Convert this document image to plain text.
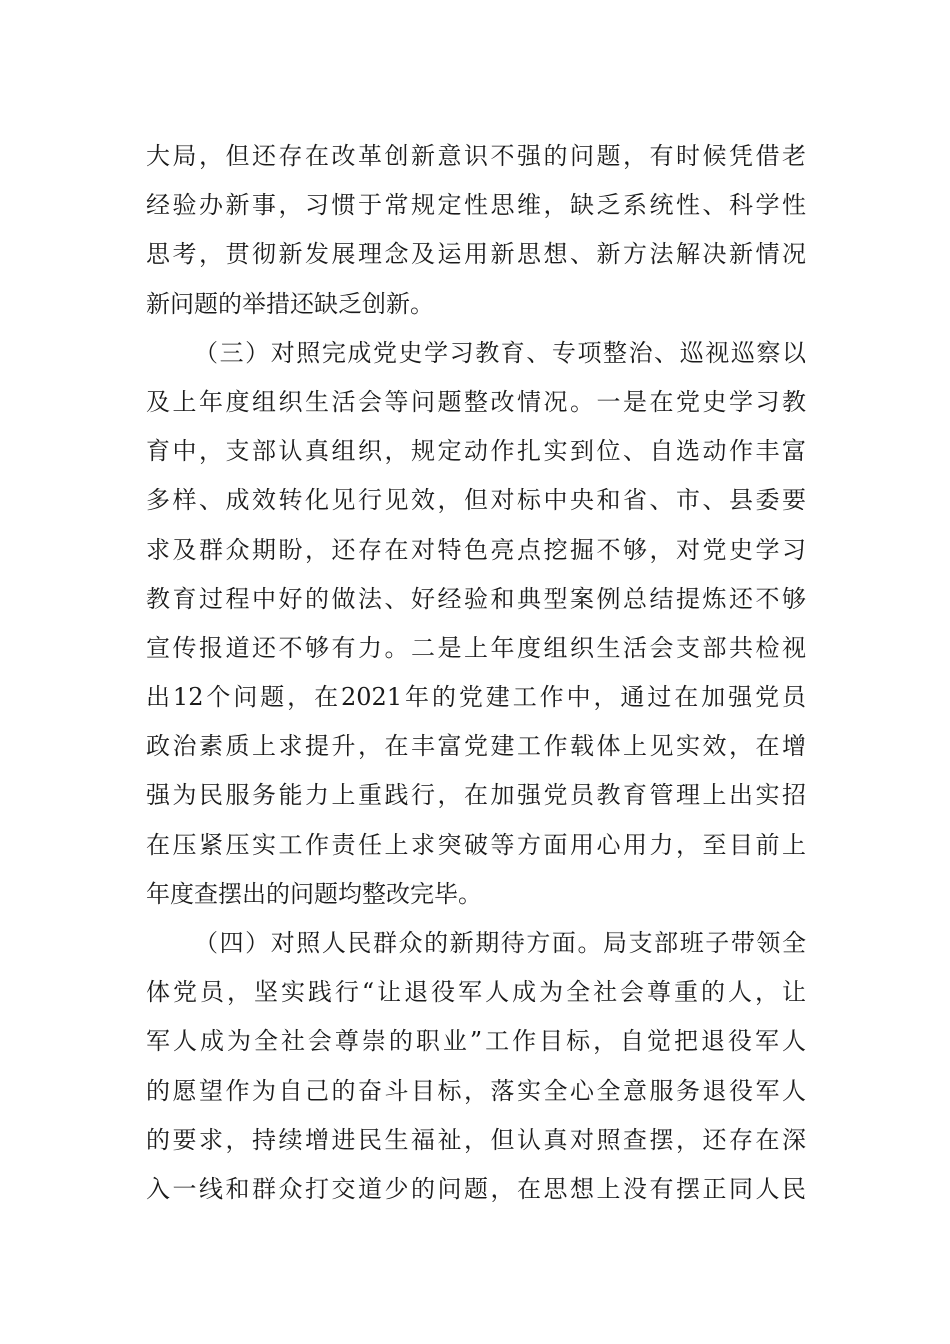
大局，但还存在改革创新意识不强的问题，有时候凭借老
经验办新事，习惯于常规定性思维，缺乏系统性、科学性
思考，贯彻新发展理念及运用新思想、新方法解决新情况
新问题的举措还缺乏创新。
（三）对照完成党史学习教育、专项整治、巡视巡察以
及上年度组织生活会等问题整改情况。一是在党史学习教
育中，支部认真组织，规定动作扎实到位、自选动作丰富
多样、成效转化见行见效，但对标中央和省、市、县委要
求及群众期盼，还存在对特色亮点挖掘不够，对党史学习
教育过程中好的做法、好经验和典型案例总结提炼还不够
宣传报道还不够有力。二是上年度组织生活会支部共检视
出12个问题，在2021年的党建工作中，通过在加强党员
政治素质上求提升，在丰富党建工作载体上见实效，在增
强为民服务能力上重践行，在加强党员教育管理上出实招
在压紧压实工作责任上求突破等方面用心用力，至目前上
年度查摆出的问题均整改完毕。
（四）对照人民群众的新期待方面。局支部班子带领全
体党员，坚实践行“让退役军人成为全社会尊重的人，让
军人成为全社会尊崇的职业”工作目标，自觉把退役军人
的愿望作为自己的奋斗目标，落实全心全意服务退役军人
的要求，持续增进民生福祉，但认真对照查摆，还存在深
入一线和群众打交道少的问题，在思想上没有摆正同人民
